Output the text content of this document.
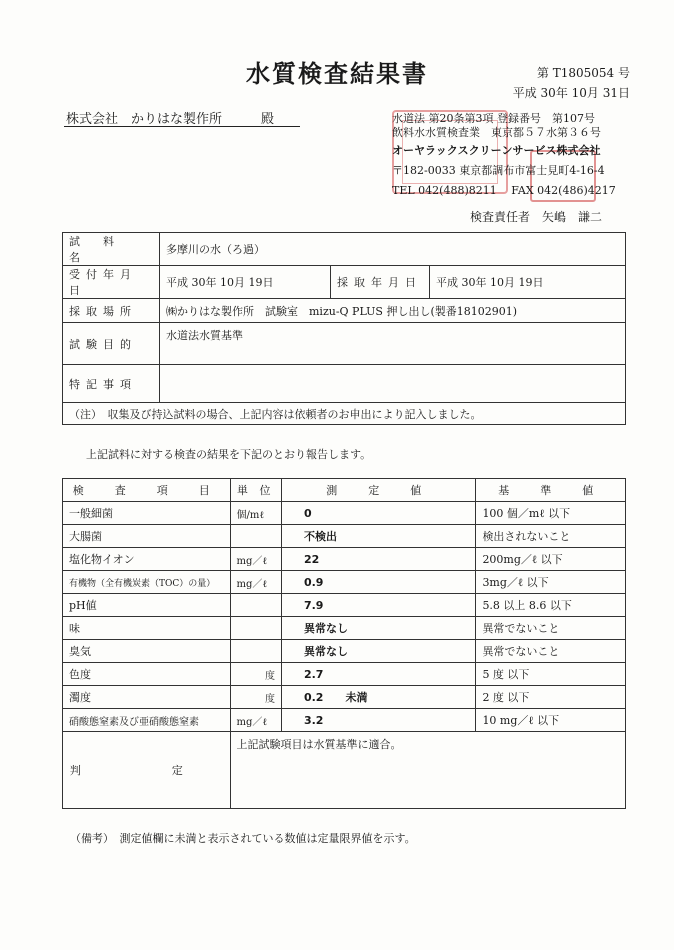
水質検査結果書	第 T1805054 号
平成 30年 10月 31日
株式会社　かりはな製作所　　　殿	水道法 第20条第3項 登録番号　第107号
飲料水水質検査業　東京都５７水第３６号
オーヤラックスクリーンサービス株式会社
〒182-0033 東京都調布市富士見町4-16-4
TEL 042(488)8211　 FAX 042(486)4217
検査責任者　矢嶋　謙二
試　料　名	多摩川の水（ろ過）		
受付年月日	平成 30年 10月 19日	採取年月日	平成 30年 10月 19日
採取場所	㈱かりはな製作所　試験室　mizu-Q PLUS 押し出し(製番18102901)		
試験目的	水道法水質基準		
特記事項			
（注）　収集及び持込試料の場合、上記内容は依頼者のお申出により記入しました。			
上記試料に対する検査の結果を下記のとおり報告します。
検　査　項　目	単 位	測　定　値	基　準　値
一般細菌	個/mℓ	0	100 個／mℓ 以下
大腸菌		不検出	検出されないこと
塩化物イオン	mg／ℓ	22	200mg／ℓ 以下
有機物（全有機炭素（TOC）の量）	mg／ℓ	0.9	3mg／ℓ 以下
pH値		7.9	5.8 以上 8.6 以下
味		異常なし	異常でないこと
臭気		異常なし	異常でないこと
色度	度	2.7	5 度 以下
濁度	度	0.2　　未満	2 度 以下
硝酸態窒素及び亜硝酸態窒素	mg／ℓ	3.2	10 mg／ℓ 以下
判　定	上記試験項目は水質基準に適合。		
（備考）　測定値欄に未満と表示されている数値は定量限界値を示す。
